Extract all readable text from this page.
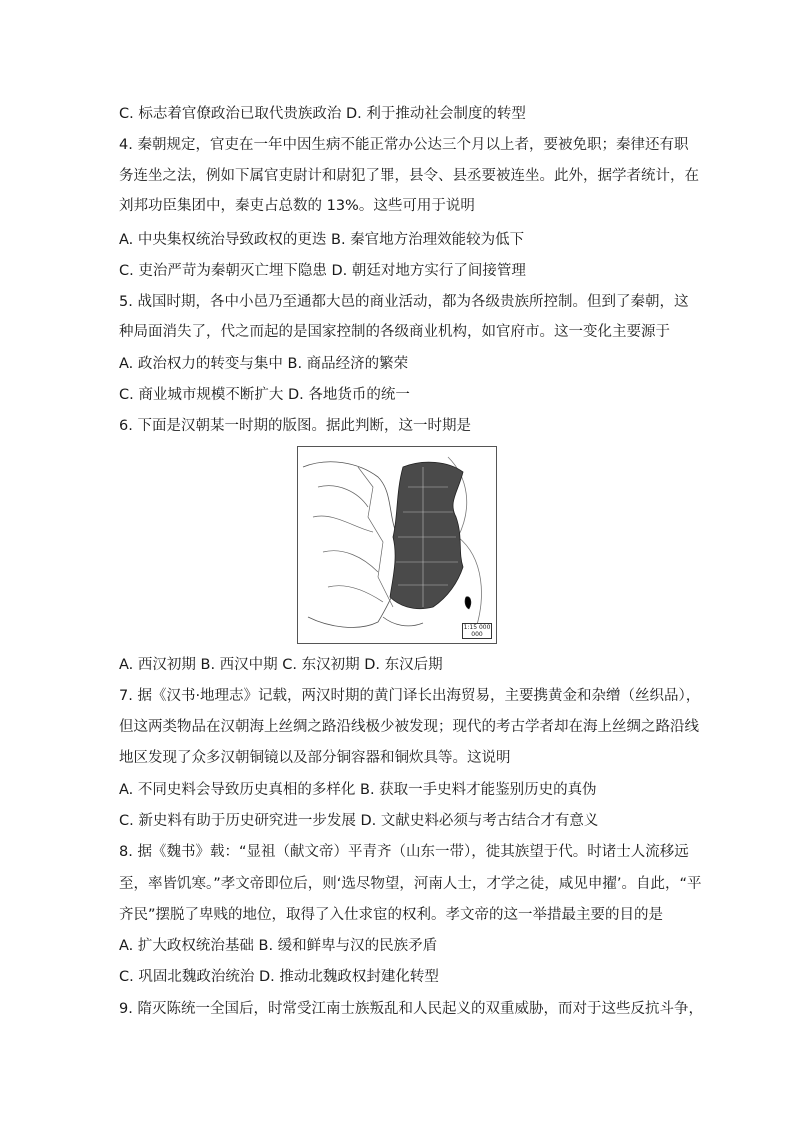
C. 标志着官僚政治已取代贵族政治 D. 利于推动社会制度的转型
4. 秦朝规定，官吏在一年中因生病不能正常办公达三个月以上者，要被免职；秦律还有职
务连坐之法，例如下属官吏尉计和尉犯了罪，县令、县丞要被连坐。此外，据学者统计，在
刘邦功臣集团中，秦吏占总数的 13%。这些可用于说明
A. 中央集权统治导致政权的更迭 B. 秦官地方治理效能较为低下
C. 吏治严苛为秦朝灭亡埋下隐患 D. 朝廷对地方实行了间接管理
5. 战国时期，各中小邑乃至通都大邑的商业活动，都为各级贵族所控制。但到了秦朝，这
种局面消失了，代之而起的是国家控制的各级商业机构，如官府市。这一变化主要源于
A. 政治权力的转变与集中 B. 商品经济的繁荣
C. 商业城市规模不断扩大 D. 各地货币的统一
6. 下面是汉朝某一时期的版图。据此判断，这一时期是
1:15 000 000
A. 西汉初期 B. 西汉中期 C. 东汉初期 D. 东汉后期
7. 据《汉书·地理志》记载，两汉时期的黄门译长出海贸易，主要携黄金和杂缯（丝织品），
但这两类物品在汉朝海上丝绸之路沿线极少被发现；现代的考古学者却在海上丝绸之路沿线
地区发现了众多汉朝铜镜以及部分铜容器和铜炊具等。这说明
A. 不同史料会导致历史真相的多样化 B. 获取一手史料才能鉴别历史的真伪
C. 新史料有助于历史研究进一步发展 D. 文献史料必须与考古结合才有意义
8. 据《魏书》载：“显祖（献文帝）平青齐（山东一带），徙其族望于代。时诸士人流移远
至，率皆饥寒。”孝文帝即位后，则‘选尽物望，河南人士，才学之徒，咸见申擢’。自此，“平
齐民”摆脱了卑贱的地位，取得了入仕求宦的权利。孝文帝的这一举措最主要的目的是
A. 扩大政权统治基础 B. 缓和鲜卑与汉的民族矛盾
C. 巩固北魏政治统治 D. 推动北魏政权封建化转型
9. 隋灭陈统一全国后，时常受江南士族叛乱和人民起义的双重威胁，而对于这些反抗斗争，
